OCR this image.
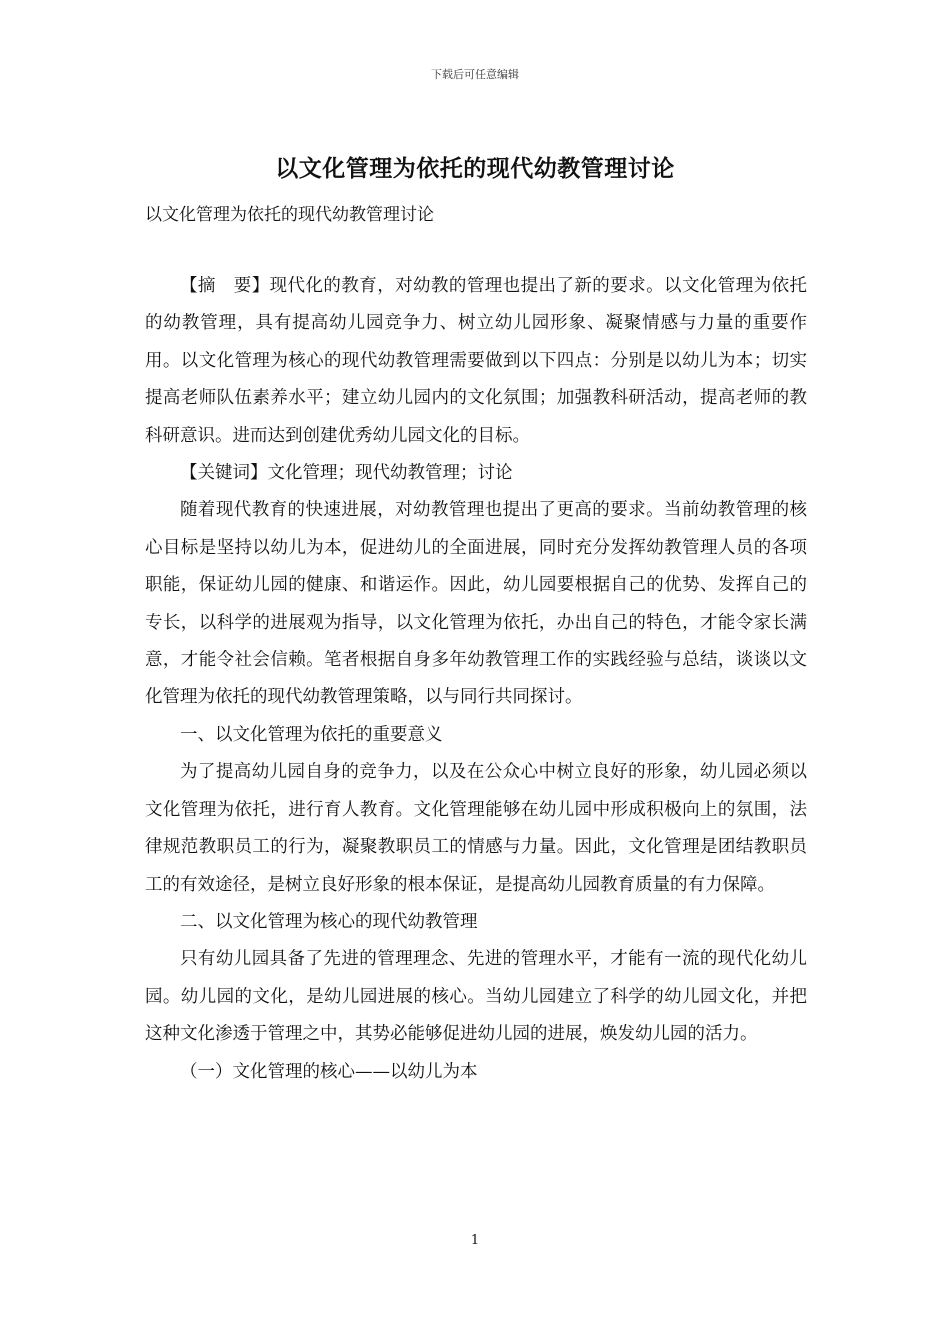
下载后可任意编辑
以文化管理为依托的现代幼教管理讨论
以文化管理为依托的现代幼教管理讨论

【摘　要】现代化的教育，对幼教的管理也提出了新的要求。以文化管理为依托的幼教管理，具有提高幼儿园竞争力、树立幼儿园形象、凝聚情感与力量的重要作用。以文化管理为核心的现代幼教管理需要做到以下四点：分别是以幼儿为本；切实提高老师队伍素养水平；建立幼儿园内的文化氛围；加强教科研活动，提高老师的教科研意识。进而达到创建优秀幼儿园文化的目标。

【关键词】文化管理；现代幼教管理；讨论

随着现代教育的快速进展，对幼教管理也提出了更高的要求。当前幼教管理的核心目标是坚持以幼儿为本，促进幼儿的全面进展，同时充分发挥幼教管理人员的各项职能，保证幼儿园的健康、和谐运作。因此，幼儿园要根据自己的优势、发挥自己的专长，以科学的进展观为指导，以文化管理为依托，办出自己的特色，才能令家长满意，才能令社会信赖。笔者根据自身多年幼教管理工作的实践经验与总结，谈谈以文化管理为依托的现代幼教管理策略，以与同行共同探讨。

一、以文化管理为依托的重要意义

为了提高幼儿园自身的竞争力，以及在公众心中树立良好的形象，幼儿园必须以文化管理为依托，进行育人教育。文化管理能够在幼儿园中形成积极向上的氛围，法律规范教职员工的行为，凝聚教职员工的情感与力量。因此，文化管理是团结教职员工的有效途径，是树立良好形象的根本保证，是提高幼儿园教育质量的有力保障。

二、以文化管理为核心的现代幼教管理

只有幼儿园具备了先进的管理理念、先进的管理水平，才能有一流的现代化幼儿园。幼儿园的文化，是幼儿园进展的核心。当幼儿园建立了科学的幼儿园文化，并把这种文化渗透于管理之中，其势必能够促进幼儿园的进展，焕发幼儿园的活力。

（一）文化管理的核心——以幼儿为本

1
